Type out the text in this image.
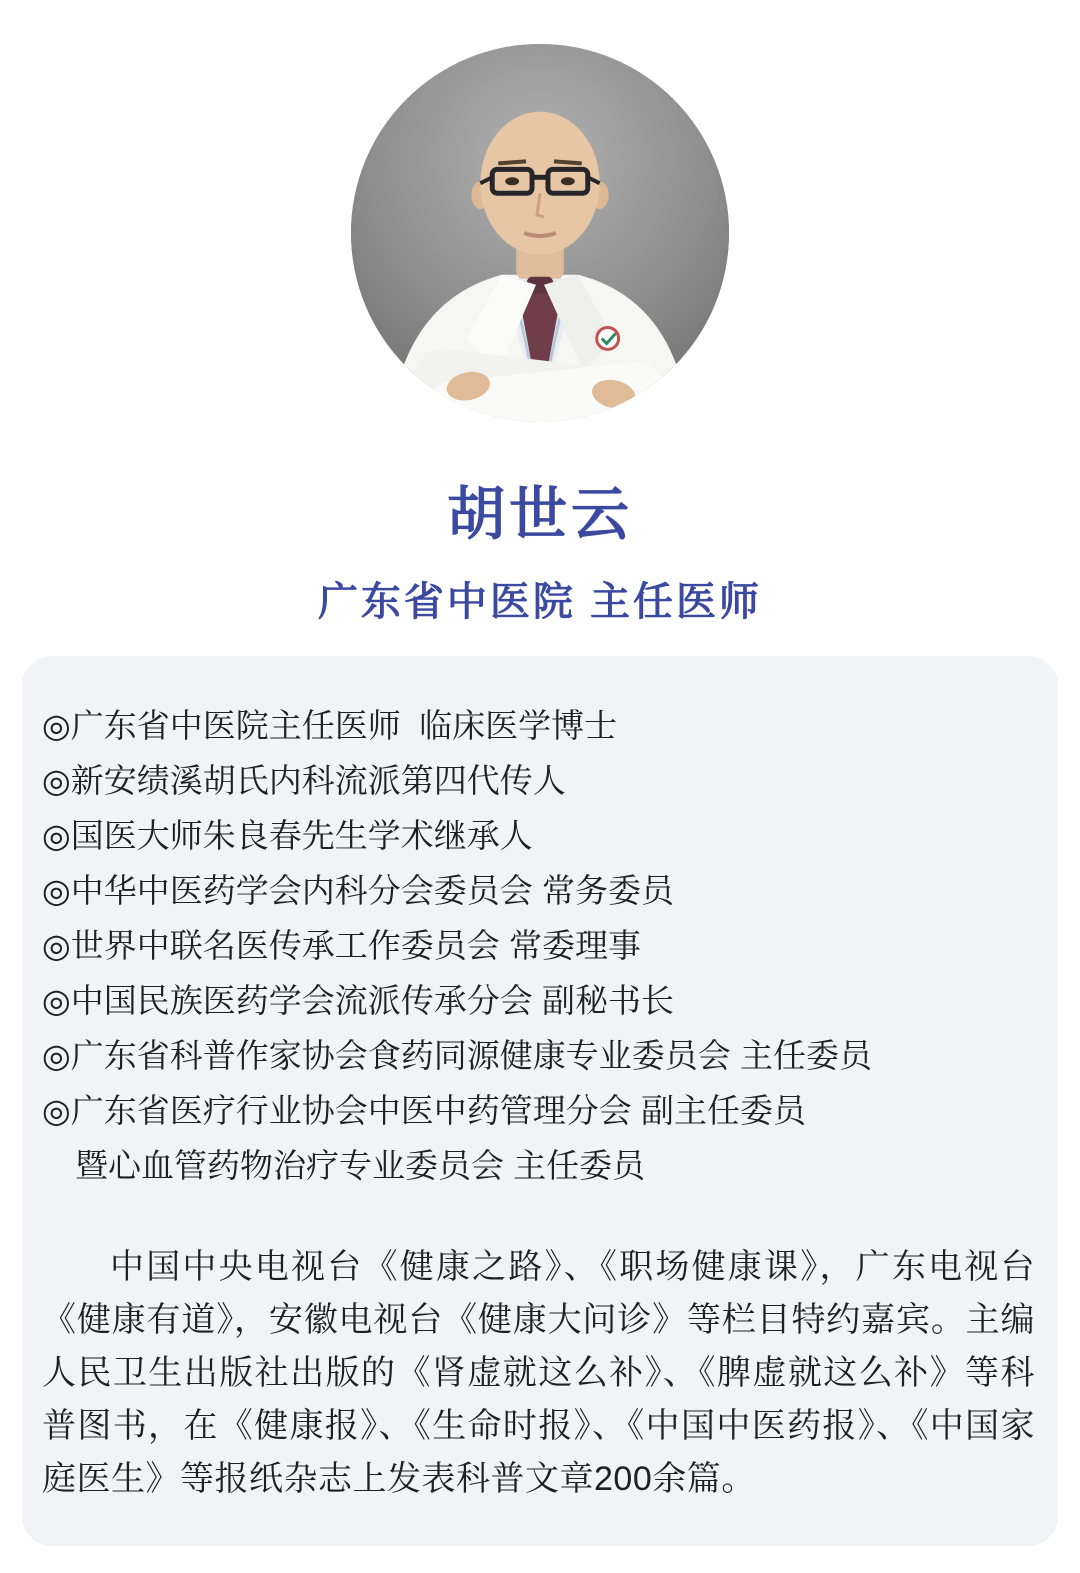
胡世云
广东省中医院 主任医师
◎ 广东省中医院主任医师  临床医学博士
◎ 新安绩溪胡氏内科流派第四代传人
◎ 国医大师朱良春先生学术继承人
◎ 中华中医药学会内科分会委员会 常务委员
◎ 世界中联名医传承工作委员会 常委理事
◎ 中国民族医药学会流派传承分会 副秘书长
◎ 广东省科普作家协会食药同源健康专业委员会 主任委员
◎ 广东省医疗行业协会中医中药管理分会 副主任委员
暨心血管药物治疗专业委员会 主任委员
中国中央电视台《健康之路》、《职场健康课》，广东电视台《健康有道》，安徽电视台《健康大问诊》等栏目特约嘉宾。主编人民卫生出版社出版的《肾虚就这么补》、《脾虚就这么补》等科普图书，在《健康报》、《生命时报》、《中国中医药报》、《中国家庭医生》等报纸杂志上发表科普文章200余篇。
